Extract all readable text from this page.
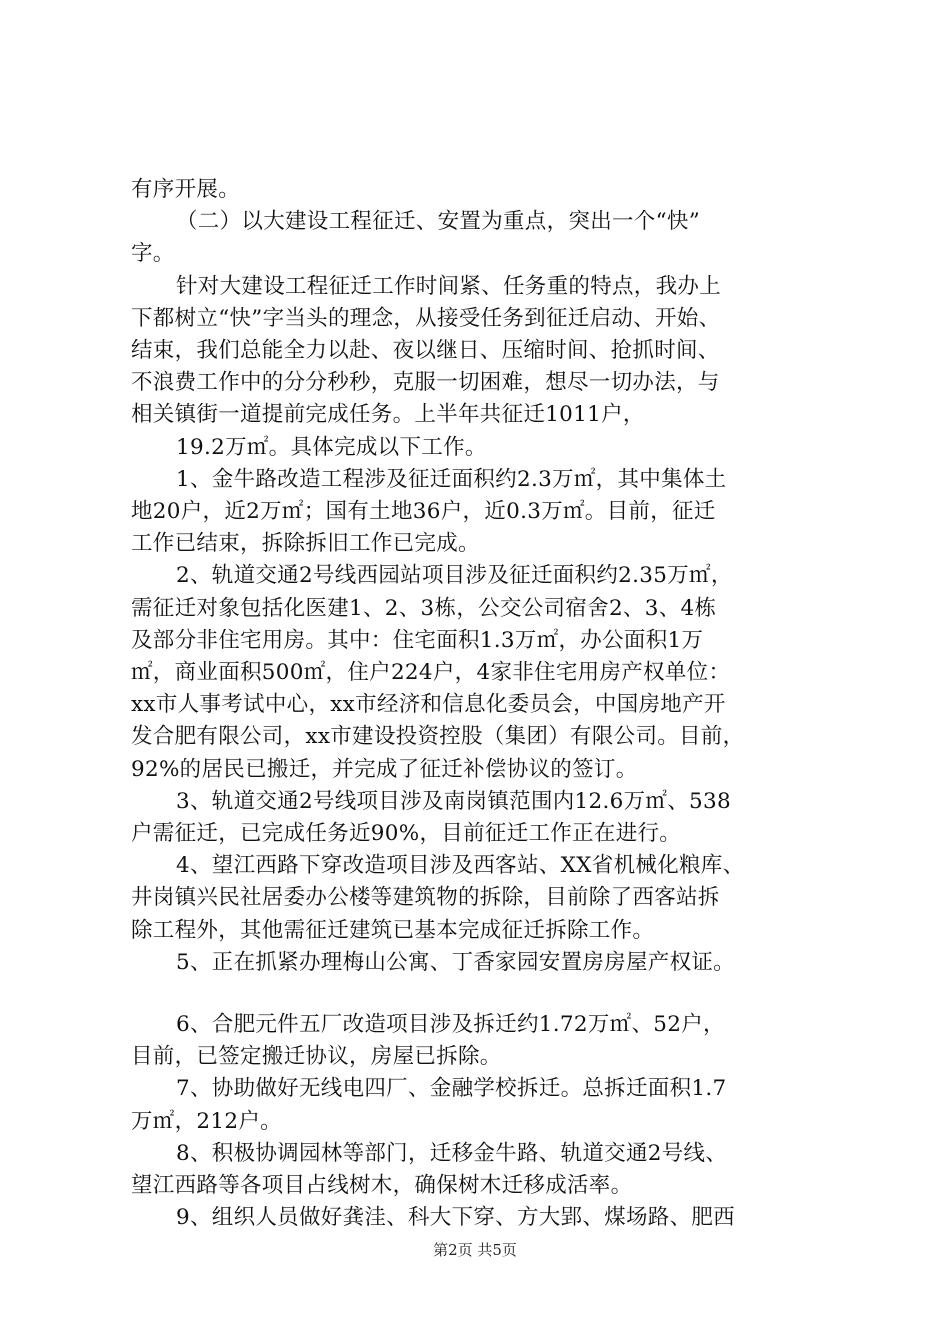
有序开展。
（二）以大建设工程征迁、安置为重点，突出一个“快”
字。
针对大建设工程征迁工作时间紧、任务重的特点，我办上
下都树立“快”字当头的理念，从接受任务到征迁启动、开始、
结束，我们总能全力以赴、夜以继日、压缩时间、抢抓时间、
不浪费工作中的分分秒秒，克服一切困难，想尽一切办法，与
相关镇街一道提前完成任务。上半年共征迁1011户，
19.2万㎡。具体完成以下工作。
1、金牛路改造工程涉及征迁面积约2.3万㎡，其中集体土
地20户，近2万㎡；国有土地36户，近0.3万㎡。目前，征迁
工作已结束，拆除拆旧工作已完成。
2、轨道交通2号线西园站项目涉及征迁面积约2.35万㎡，
需征迁对象包括化医建1、2、3栋，公交公司宿舍2、3、4栋
及部分非住宅用房。其中：住宅面积1.3万㎡，办公面积1万
㎡，商业面积500㎡，住户224户，4家非住宅用房产权单位：
xx市人事考试中心，xx市经济和信息化委员会，中国房地产开
发合肥有限公司，xx市建设投资控股（集团）有限公司。目前，
92%的居民已搬迁，并完成了征迁补偿协议的签订。
3、轨道交通2号线项目涉及南岗镇范围内12.6万㎡、538
户需征迁，已完成任务近90%，目前征迁工作正在进行。
4、望江西路下穿改造项目涉及西客站、XX省机械化粮库、
井岗镇兴民社居委办公楼等建筑物的拆除，目前除了西客站拆
除工程外，其他需征迁建筑已基本完成征迁拆除工作。
5、正在抓紧办理梅山公寓、丁香家园安置房房屋产权证。
6、合肥元件五厂改造项目涉及拆迁约1.72万㎡、52户，
目前，已签定搬迁协议，房屋已拆除。
7、协助做好无线电四厂、金融学校拆迁。总拆迁面积1.7
万㎡，212户。
8、积极协调园林等部门，迁移金牛路、轨道交通2号线、
望江西路等各项目占线树木，确保树木迁移成活率。
9、组织人员做好龚洼、科大下穿、方大郢、煤场路、肥西
第2页 共5页
